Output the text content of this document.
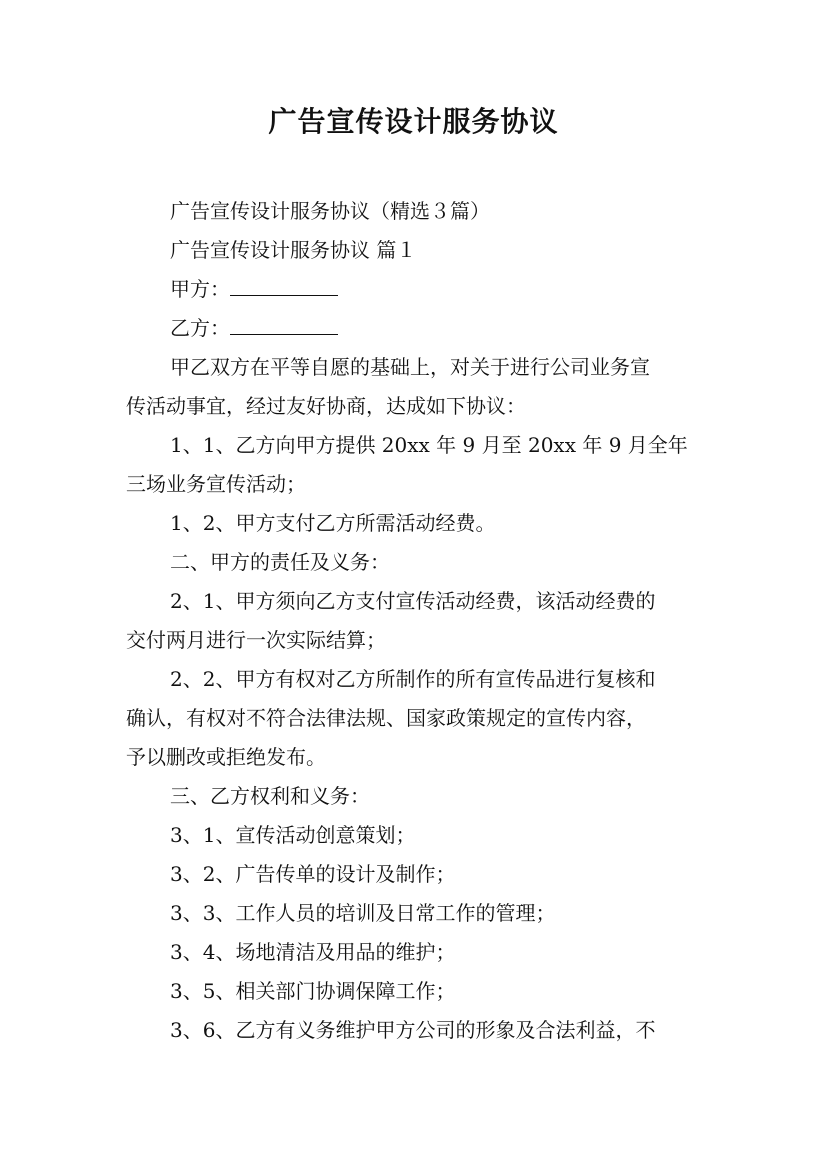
广告宣传设计服务协议
广告宣传设计服务协议（精选３篇）
广告宣传设计服务协议 篇１
甲方：
乙方：
甲乙双方在平等自愿的基础上，对关于进行公司业务宣
传活动事宜，经过友好协商，达成如下协议：
1、1、乙方向甲方提供 20xx 年 9 月至 20xx 年 9 月全年
三场业务宣传活动；
1、2、甲方支付乙方所需活动经费。
二、甲方的责任及义务：
2、1、甲方须向乙方支付宣传活动经费，该活动经费的
交付两月进行一次实际结算；
2、2、甲方有权对乙方所制作的所有宣传品进行复核和
确认，有权对不符合法律法规、国家政策规定的宣传内容，
予以删改或拒绝发布。
三、乙方权利和义务：
3、1、宣传活动创意策划；
3、2、广告传单的设计及制作；
3、3、工作人员的培训及日常工作的管理；
3、4、场地清洁及用品的维护；
3、5、相关部门协调保障工作；
3、6、乙方有义务维护甲方公司的形象及合法利益，不
